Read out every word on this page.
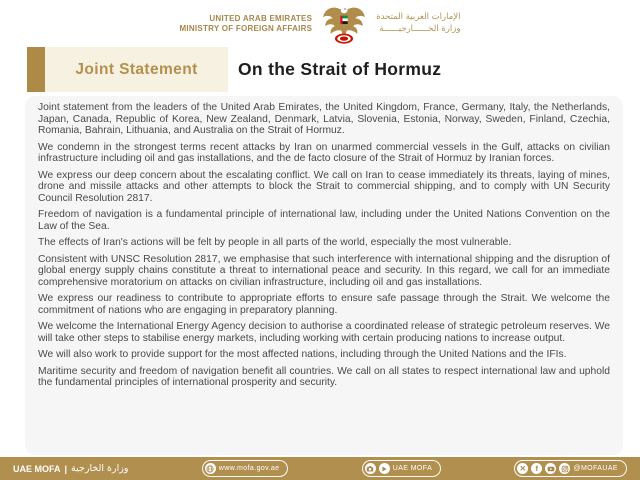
UNITED ARAB EMIRATES
MINISTRY OF FOREIGN AFFAIRS
الإمارات العربية المتحدة
وزارة الخــــــارجيــــــة
Joint Statement	On the Strait of Hormuz

Joint statement from the leaders of the United Arab Emirates, the United Kingdom, France, Germany, Italy, the Netherlands, Japan, Canada, Republic of Korea, New Zealand, Denmark, Latvia, Slovenia, Estonia, Norway, Sweden, Finland, Czechia, Romania, Bahrain, Lithuania, and Australia on the Strait of Hormuz.

We condemn in the strongest terms recent attacks by Iran on unarmed commercial vessels in the Gulf, attacks on civilian infrastructure including oil and gas installations, and the de facto closure of the Strait of Hormuz by Iranian forces.

We express our deep concern about the escalating conflict. We call on Iran to cease immediately its threats, laying of mines, drone and missile attacks and other attempts to block the Strait to commercial shipping, and to comply with UN Security Council Resolution 2817.

Freedom of navigation is a fundamental principle of international law, including under the United Nations Convention on the Law of the Sea.

The effects of Iran's actions will be felt by people in all parts of the world, especially the most vulnerable.

Consistent with UNSC Resolution 2817, we emphasise that such interference with international shipping and the disruption of global energy supply chains constitute a threat to international peace and security. In this regard, we call for an immediate comprehensive moratorium on attacks on civilian infrastructure, including oil and gas installations.

We express our readiness to contribute to appropriate efforts to ensure safe passage through the Strait. We welcome the commitment of nations who are engaging in preparatory planning.

We welcome the International Energy Agency decision to authorise a coordinated release of strategic petroleum reserves. We will take other steps to stabilise energy markets, including working with certain producing nations to increase output.

We will also work to provide support for the most affected nations, including through the United Nations and the IFIs.

Maritime security and freedom of navigation benefit all countries. We call on all states to respect international law and uphold the fundamental principles of international prosperity and security.

UAE MOFA | وزارة الخارجية	www.mofa.gov.ae	UAE MOFA	✕	f	@MOFAUAE
